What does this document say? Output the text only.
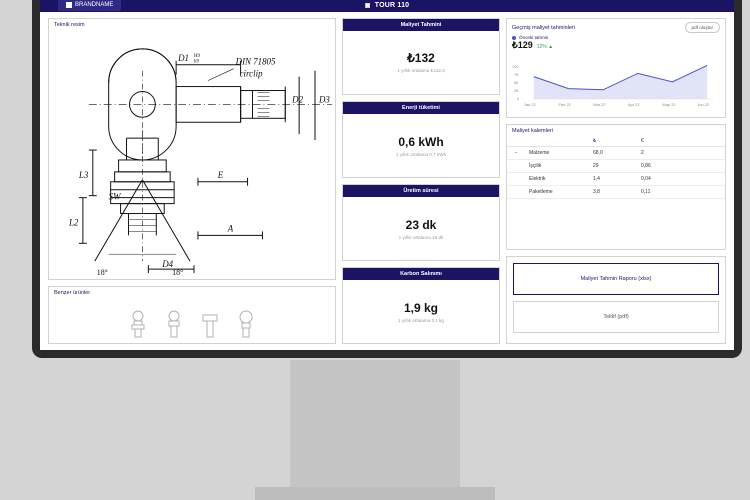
BRANDNAME	▣ TOUR 110
Teknik resim
D1 H9
h9	DIN 71805
circlip
D2 D3
L3
L2
SW
E
A
D4
18°	18°
Benzer ürünler
Maliyet Tahmini
₺132
1 yıllık ortalama ₺112,3
Enerji tüketimi
0,6 kWh
1 yıllık ortalama 0,7 kWh
Üretim süresi
23 dk
1 yıllık ortalama 18 dk
Karbon Salınımı
1,9 kg
1 yıllık ortalama 2,1 kg
Geçmiş maliyet tahminleri	pdf oluştur
Önceki tahmin
₺129 12% ▲
100
75
50
25
0
Jan 22	Feb 22	Mar 22	Apr 22	May 22	Jun 22
Maliyet kalemleri
		₺	€
−	Malzeme	68,0	2
	İşçilik	29	0,86
	Elektrik	1,4	0,04
	Paketleme	3,8	0,11
Maliyet Tahmin Raporu (xlsx)
Teklif (pdf)
